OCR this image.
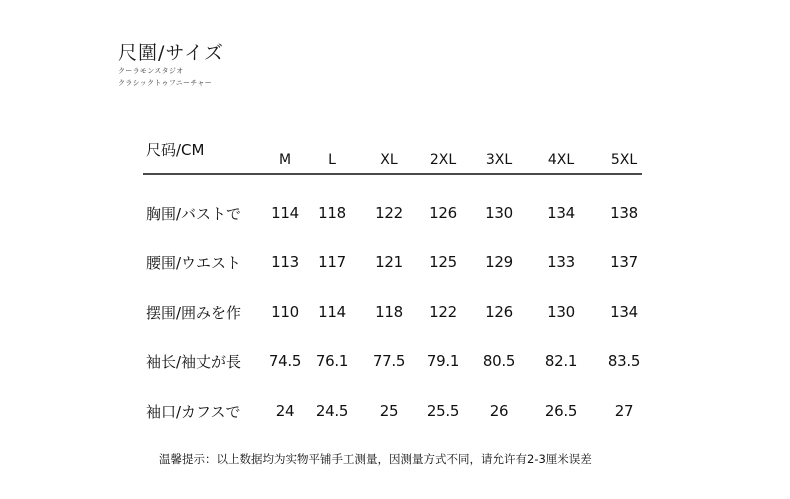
尺圍/サイズ
クーラモンスタジオ
クラシックトゥフニーチャー
尺码/CM
M	L	XL 2XL 3XL	4XL	5XL
胸围/バストで 114 118 122 126 130 134 138
腰围/ウエスト 113 117 121 125 129 133 137
摆围/囲みを作 110 114 118 122 126 130 134
袖长/袖丈が長 74.5 76.1 77.5 79.1 80.5 82.1 83.5
袖口/カフスで 24 24.5 25 25.5 26 26.5	27
温馨提示：以上数据均为实物平铺手工测量，因测量方式不同，请允许有2-3厘米误差
